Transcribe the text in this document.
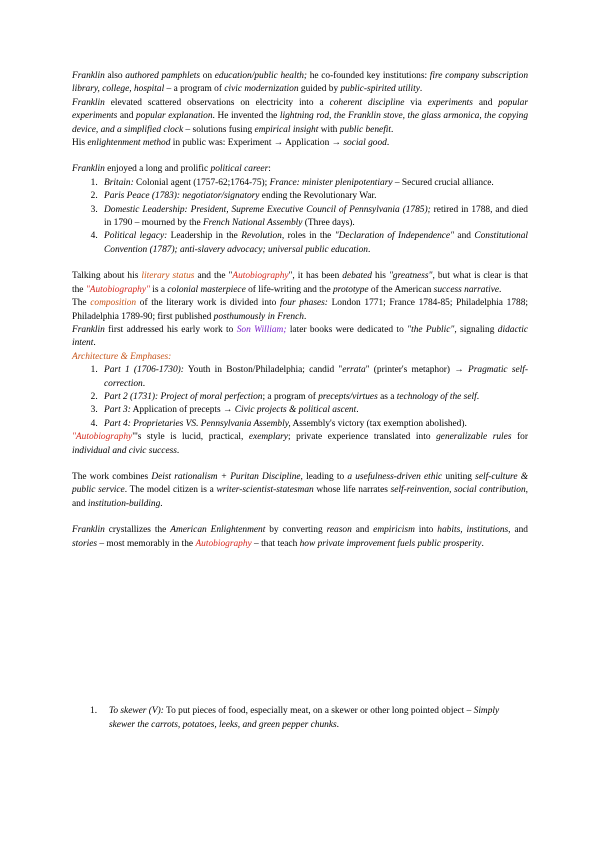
Franklin also authored pamphlets on education/public health; he co-founded key institutions: fire company subscription library, college, hospital – a program of civic modernization guided by public-spirited utility.

Franklin elevated scattered observations on electricity into a coherent discipline via experiments and popular experiments and popular explanation. He invented the lightning rod, the Franklin stove, the glass armonica, the copying device, and a simplified clock – solutions fusing empirical insight with public benefit.

His enlightenment method in public was: Experiment → Application → social good.

Franklin enjoyed a long and prolific political career:

1. Britain: Colonial agent (1757-62;1764-75); France: minister plenipotentiary – Secured crucial alliance.
2. Paris Peace (1783): negotiator/signatory ending the Revolutionary War.
3. Domestic Leadership: President, Supreme Executive Council of Pennsylvania (1785); retired in 1788, and died in 1790 – mourned by the French National Assembly (Three days).
4. Political legacy: Leadership in the Revolution, roles in the "Declaration of Independence" and Constitutional Convention (1787); anti-slavery advocacy; universal public education.

Talking about his literary status and the "Autobiography", it has been debated his "greatness", but what is clear is that the "Autobiography" is a colonial masterpiece of life-writing and the prototype of the American success narrative.

The composition of the literary work is divided into four phases: London 1771; France 1784-85; Philadelphia 1788; Philadelphia 1789-90; first published posthumously in French.

Franklin first addressed his early work to Son William; later books were dedicated to "the Public", signaling didactic intent.

Architecture & Emphases:

1. Part 1 (1706-1730): Youth in Boston/Philadelphia; candid "errata" (printer's metaphor) → Pragmatic self-correction.
2. Part 2 (1731): Project of moral perfection; a program of precepts/virtues as a technology of the self.
3. Part 3: Application of precepts → Civic projects & political ascent.
4. Part 4: Proprietaries VS. Pennsylvania Assembly, Assembly's victory (tax exemption abolished).

"Autobiography"'s style is lucid, practical, exemplary; private experience translated into generalizable rules for individual and civic success.

The work combines Deist rationalism + Puritan Discipline, leading to a usefulness-driven ethic uniting self-culture & public service. The model citizen is a writer-scientist-statesman whose life narrates self-reinvention, social contribution, and institution-building.

Franklin crystallizes the American Enlightenment by converting reason and empiricism into habits, institutions, and stories – most memorably in the Autobiography – that teach how private improvement fuels public prosperity.

1.	To skewer (V): To put pieces of food, especially meat, on a skewer or other long pointed object – Simply skewer the carrots, potatoes, leeks, and green pepper chunks.
